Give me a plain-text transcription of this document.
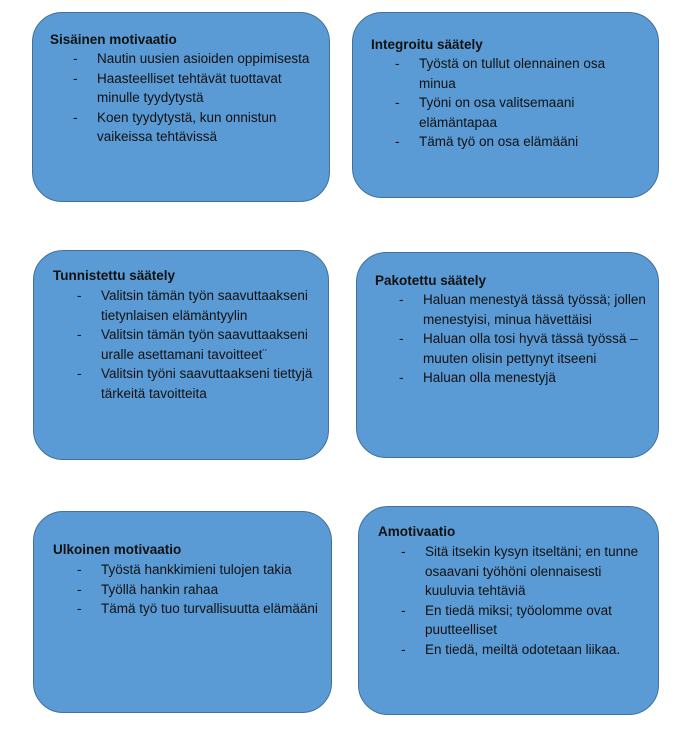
Sisäinen motivaatio
- Nautin uusien asioiden oppimisesta
- Haasteelliset tehtävät tuottavat minulle tyydytystä
- Koen tyydytystä, kun onnistun vaikeissa tehtävissä
Integroitu säätely
- Työstä on tullut olennainen osa minua
- Työni on osa valitsemaani elämäntapaa
- Tämä työ on osa elämääni
Tunnistettu säätely
- Valitsin tämän työn saavuttaakseni tietynlaisen elämäntyylin
- Valitsin tämän työn saavuttaakseni uralle asettamani tavoitteet¨
- Valitsin työni saavuttaakseni tiettyjä tärkeitä tavoitteita
Pakotettu säätely
- Haluan menestyä tässä työssä; jollen menestyisi, minua hävettäisi
- Haluan olla tosi hyvä tässä työssä – muuten olisin pettynyt itseeni
- Haluan olla menestyjä
Ulkoinen motivaatio
- Työstä hankkimieni tulojen takia
- Työllä hankin rahaa
- Tämä työ tuo turvallisuutta elämääni
Amotivaatio
- Sitä itsekin kysyn itseltäni; en tunne osaavani työhöni olennaisesti kuuluvia tehtäviä
- En tiedä miksi; työolomme ovat puutteelliset
- En tiedä, meiltä odotetaan liikaa.
